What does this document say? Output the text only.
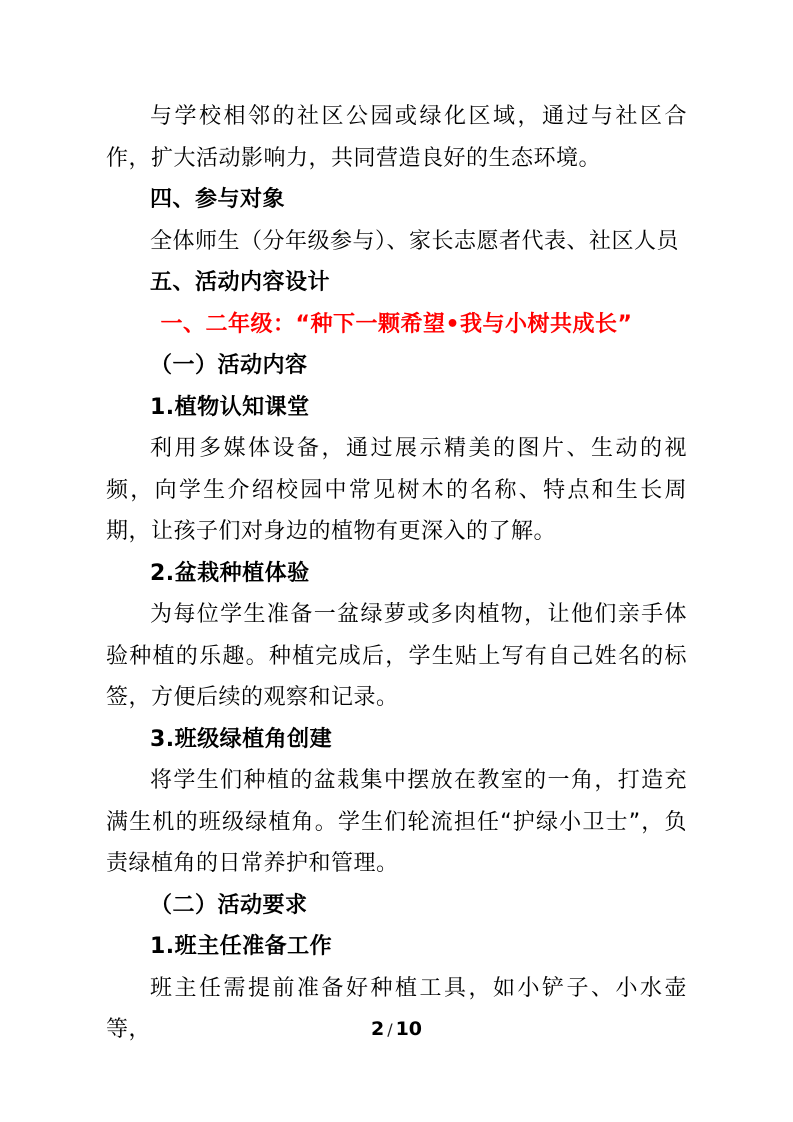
与学校相邻的社区公园或绿化区域，通过与社区合作，扩大活动影响力，共同营造良好的生态环境。

四、参与对象

全体师生（分年级参与）、家长志愿者代表、社区人员

五、活动内容设计

一、二年级：“种下一颗希望•我与小树共成长”

（一）活动内容

1.植物认知课堂

利用多媒体设备，通过展示精美的图片、生动的视频，向学生介绍校园中常见树木的名称、特点和生长周期，让孩子们对身边的植物有更深入的了解。

2.盆栽种植体验

为每位学生准备一盆绿萝或多肉植物，让他们亲手体验种植的乐趣。种植完成后，学生贴上写有自己姓名的标签，方便后续的观察和记录。

3.班级绿植角创建

将学生们种植的盆栽集中摆放在教室的一角，打造充满生机的班级绿植角。学生们轮流担任“护绿小卫士”，负责绿植角的日常养护和管理。

（二）活动要求

1.班主任准备工作

班主任需提前准备好种植工具，如小铲子、小水壶等，	2 / 10
